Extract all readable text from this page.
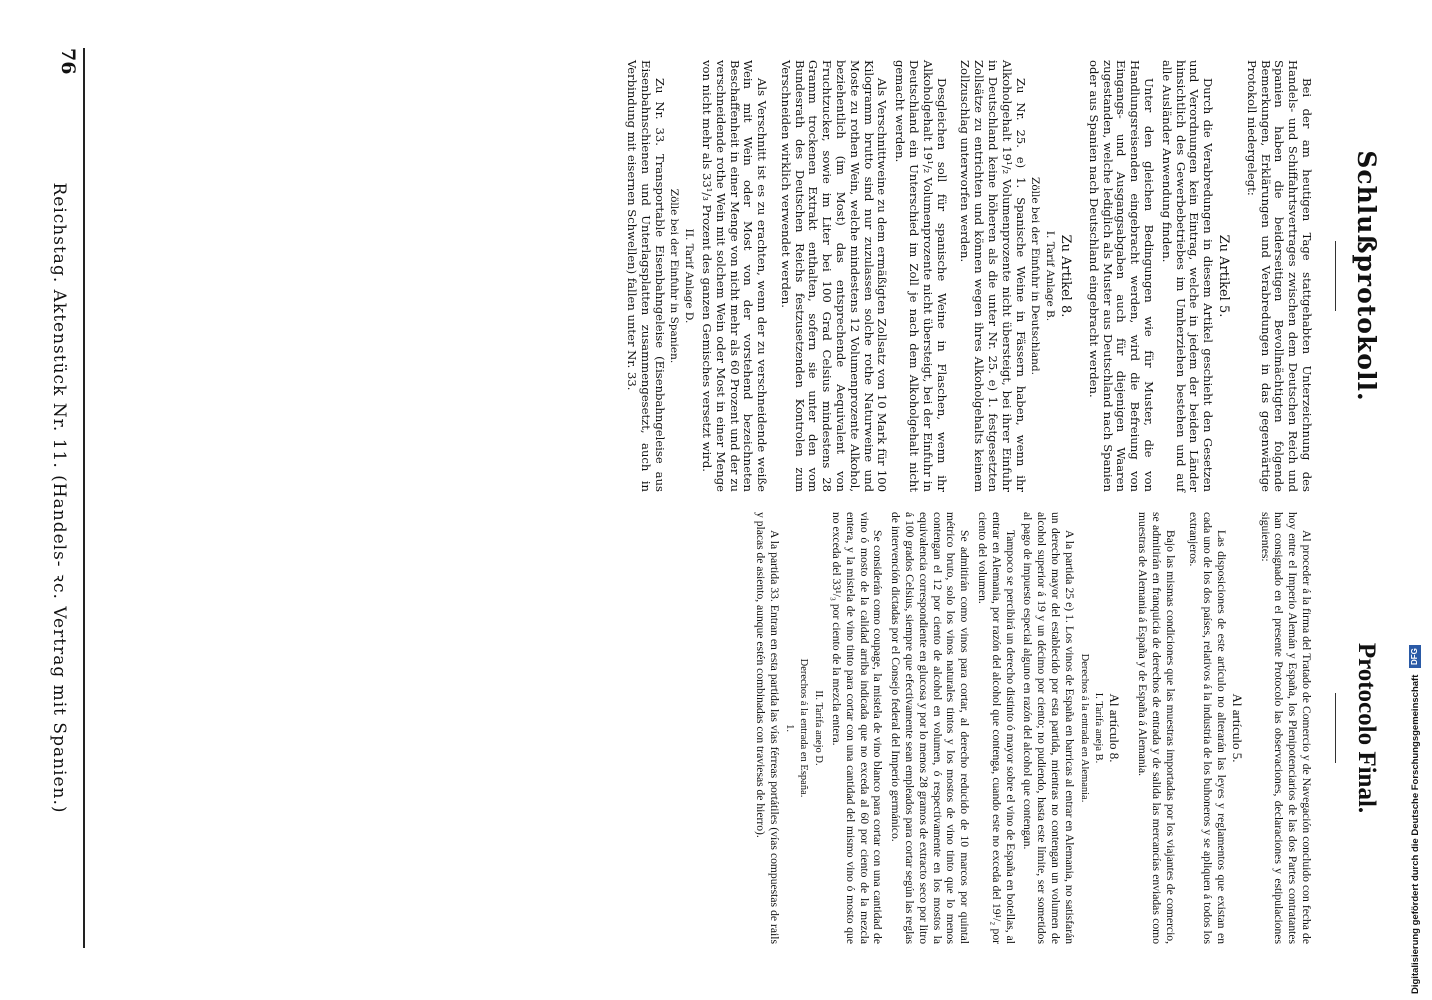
Schlußprotokoll.

Bei der am heutigen Tage stattgehabten Unterzeichnung des Handels- und Schiffahrtsvertrages zwischen dem Deutschen Reich und Spanien haben die beiderseitigen Bevollmächtigten folgende Bemerkungen, Erklärungen und Verabredungen in das gegenwärtige Protokoll niedergelegt:

Zu Artikel 5.

Durch die Verabredungen in diesem Artikel geschieht den Gesetzen und Verordnungen kein Eintrag, welche in jedem der beiden Länder hinsichtlich des Gewerbebetriebes im Umherziehen bestehen und auf alle Ausländer Anwendung finden.

Unter den gleichen Bedingungen wie für Muster, die von Handlungsreisenden eingebracht werden, wird die Befreiung von Eingangs- und Ausgangsabgaben auch für diejenigen Waaren zugestanden, welche lediglich als Muster aus Deutschland nach Spanien oder aus Spanien nach Deutschland eingebracht werden.

Zu Artikel 8.
I. Tarif Anlage B.
Zölle bei der Einfuhr in Deutschland.

Zu Nr. 25. e) 1. Spanische Weine in Fässern haben, wenn ihr Alkoholgehalt 19¹/₂ Volumenprozente nicht übersteigt, bei ihrer Einfuhr in Deutschland keine höheren als die unter Nr. 25. e) 1. festgesetzten Zollsätze zu entrichten und können wegen ihres Alkoholgehalts keinem Zollzuschlag unterworfen werden.

Desgleichen soll für spanische Weine in Flaschen, wenn ihr Alkoholgehalt 19¹/₂ Volumenprozente nicht übersteigt, bei der Einfuhr in Deutschland ein Unterschied im Zoll je nach dem Alkoholgehalt nicht gemacht werden.

Als Verschnittweine zu dem ermäßigten Zollsatz von 10 Mark für 100 Kilogramm brutto sind nur zuzulassen solche rothe Naturweine und Moste zu rothen Wein, welche mindestens 12 Volumenprozente Alkohol, beziehentlich (im Most) das entsprechende Aequivalent von Fruchtzucker, sowie im Liter bei 100 Grad Celsius mindestens 28 Gramm trockenen Extrakt enthalten, sofern sie unter den vom Bundesrath des Deutschen Reichs festzusetzenden Kontrolen zum Verschneiden wirklich verwendet werden.

Als Verschnitt ist es zu erachten, wenn der zu verschneidende weiße Wein mit Wein oder Most von der vorstehend bezeichneten Beschaffenheit in einer Menge von nicht mehr als 60 Prozent und der zu verschneidende rothe Wein mit solchem Wein oder Most in einer Menge von nicht mehr als 33¹/₃ Prozent des ganzen Gemisches versetzt wird.

II. Tarif Anlage D.
Zölle bei der Einfuhr in Spanien.

Zu Nr. 33. Transportable Eisenbahngeleise (Eisenbahngeleise aus Eisenbahnschienen und Unterlagsplatten zusammengesetzt, auch in Verbindung mit eisernen Schwellen) fallen unter Nr. 33.

Protocolo Final.

Al proceder á la firma del Tratado de Comercio y de Navegación concluido con fecha de hoy entre el Imperio Alemán y España, los Plenipotenciarios de las dos Partes contratantes han consignado en el presente Protocolo las observaciones, declaraciones y estipulaciones siguientes:

Al artículo 5.

Las disposiciones de este artículo no alterarán las leyes y reglamentos que existan en cada uno de los dos países, relativos á la industria de los buhoneros y se apliquen á todos los extranjeros.

Bajo las mismas condiciones que las muestras importadas por los viajantes de comercio, se admitirán en franquicia de derechos de entrada y de salida las mercancías enviadas como muestras de Alemania á España y de España á Alemania.

Al artículo 8.
I. Tarifa aneja B.
Derechos á la entrada en Alemania.

A la partida 25 e) 1. Los vinos de España en barricas al entrar en Alemania, no satisfarán un derecho mayor del establecido por esta partida, mientras no contengan un volumen de alcohol superior á 19 y un décimo por ciento; no pudiendo, hasta este límite, ser sometidos al pago de impuesto especial alguno en razón del alcohol que contengan.

Tampoco se percibirá un derecho distinto ó mayor sobre el vino de España en botellas, al entrar en Alemania, por razón del alcohol que contenga, cuando este no exceda del 19¹/₂ por ciento del volumen.

Se admitirán como vinos para cortar, al derecho reducido de 10 marcos por quintal métrico bruto, solo los vinos naturales tintos y los mostos de vino tinto que lo menos contengan el 12 por ciento de alcohol en volumen, ó respectivamente en los mostos la equivalencia correspondiente en glucosa y por lo menos 28 gramos de extracto seco por litro á 100 grados Celsius, siempre que efectivamente sean empleados para cortar según las reglas de intervención dictadas por el Consejo federal del Imperio germánico.

Se considerán como coupage, la mistela de vino blanco para cortar con una cantidad de vino ó mosto de la calidad arriba indicada que no exceda al 60 por ciento de la mezcla entera, y la mistela de vino tinto para cortar con una cantidad del mismo vino ó mosto que no exceda del 33¹/₃ por ciento de la mezcla entera.

II. Tarifa anejo D.
Derechos á la entrada en España.
1.

A la partida 33. Entran en esta partida las vías férreas portátiles (vías compuestas de rails y placas de asiento, aunque estén combinadas con traviesas de hierro).

76
Reichstag. Aktenstück Nr. 11. (Handels- ꝛc. Vertrag mit Spanien.)
Digitalisierung gefördert durch die Deutsche Forschungsgemeinschaft DFG
